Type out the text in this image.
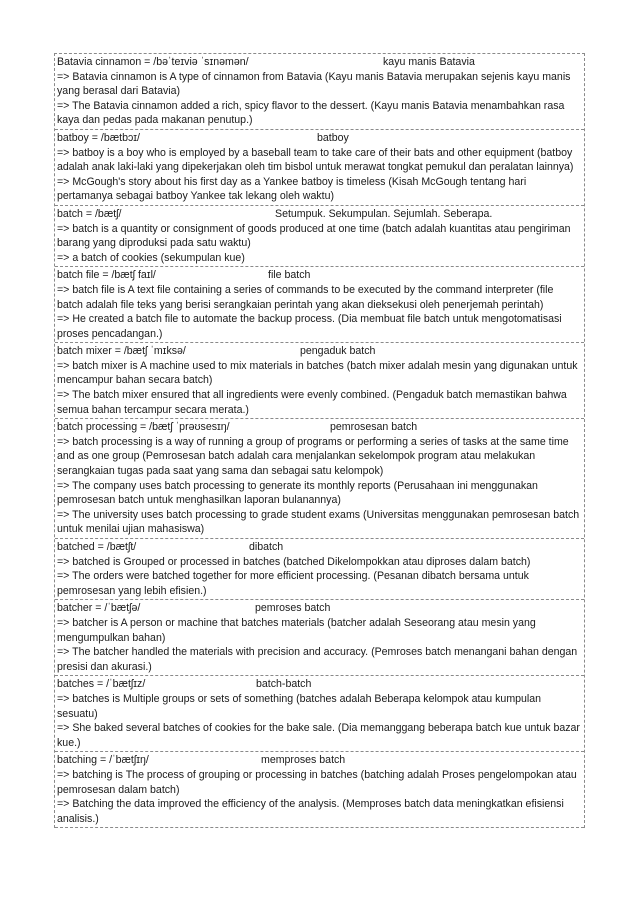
Batavia cinnamon = /bəˈteɪviə ˈsɪnəmən/	kayu manis Batavia
=> Batavia cinnamon is A type of cinnamon from Batavia (Kayu manis Batavia merupakan sejenis kayu manis yang berasal dari Batavia)
=> The Batavia cinnamon added a rich, spicy flavor to the dessert. (Kayu manis Batavia menambahkan rasa kaya dan pedas pada makanan penutup.)
batboy = /bætbɔɪ/	batboy
=> batboy is a boy who is employed by a baseball team to take care of their bats and other equipment (batboy adalah anak laki-laki yang dipekerjakan oleh tim bisbol untuk merawat tongkat pemukul dan peralatan lainnya)
=> McGough's story about his first day as a Yankee batboy is timeless (Kisah McGough tentang hari pertamanya sebagai batboy Yankee tak lekang oleh waktu)
batch = /bætʃ/	Setumpuk. Sekumpulan. Sejumlah. Seberapa.
=> batch is a quantity or consignment of goods produced at one time (batch adalah kuantitas atau pengiriman barang yang diproduksi pada satu waktu)
=> a batch of cookies (sekumpulan kue)
batch file = /bætʃ faɪl/	file batch
=> batch file is A text file containing a series of commands to be executed by the command interpreter (file batch adalah file teks yang berisi serangkaian perintah yang akan dieksekusi oleh penerjemah perintah)
=> He created a batch file to automate the backup process. (Dia membuat file batch untuk mengotomatisasi proses pencadangan.)
batch mixer = /bætʃ ˈmɪksə/	pengaduk batch
=> batch mixer is A machine used to mix materials in batches (batch mixer adalah mesin yang digunakan untuk mencampur bahan secara batch)
=> The batch mixer ensured that all ingredients were evenly combined. (Pengaduk batch memastikan bahwa semua bahan tercampur secara merata.)
batch processing = /bætʃ ˈprəʊsesɪŋ/	pemrosesan batch
=> batch processing is a way of running a group of programs or performing a series of tasks at the same time and as one group (Pemrosesan batch adalah cara menjalankan sekelompok program atau melakukan serangkaian tugas pada saat yang sama dan sebagai satu kelompok)
=> The company uses batch processing to generate its monthly reports (Perusahaan ini menggunakan pemrosesan batch untuk menghasilkan laporan bulanannya)
=> The university uses batch processing to grade student exams (Universitas menggunakan pemrosesan batch untuk menilai ujian mahasiswa)
batched = /bætʃt/	dibatch
=> batched is Grouped or processed in batches (batched Dikelompokkan atau diproses dalam batch)
=> The orders were batched together for more efficient processing. (Pesanan dibatch bersama untuk pemrosesan yang lebih efisien.)
batcher = /ˈbætʃə/	pemroses batch
=> batcher is A person or machine that batches materials (batcher adalah Seseorang atau mesin yang mengumpulkan bahan)
=> The batcher handled the materials with precision and accuracy. (Pemroses batch menangani bahan dengan presisi dan akurasi.)
batches = /ˈbætʃɪz/	batch-batch
=> batches is Multiple groups or sets of something (batches adalah Beberapa kelompok atau kumpulan sesuatu)
=> She baked several batches of cookies for the bake sale. (Dia memanggang beberapa batch kue untuk bazar kue.)
batching = /ˈbætʃɪŋ/	memproses batch
=> batching is The process of grouping or processing in batches (batching adalah Proses pengelompokan atau pemrosesan dalam batch)
=> Batching the data improved the efficiency of the analysis. (Memproses batch data meningkatkan efisiensi analisis.)
